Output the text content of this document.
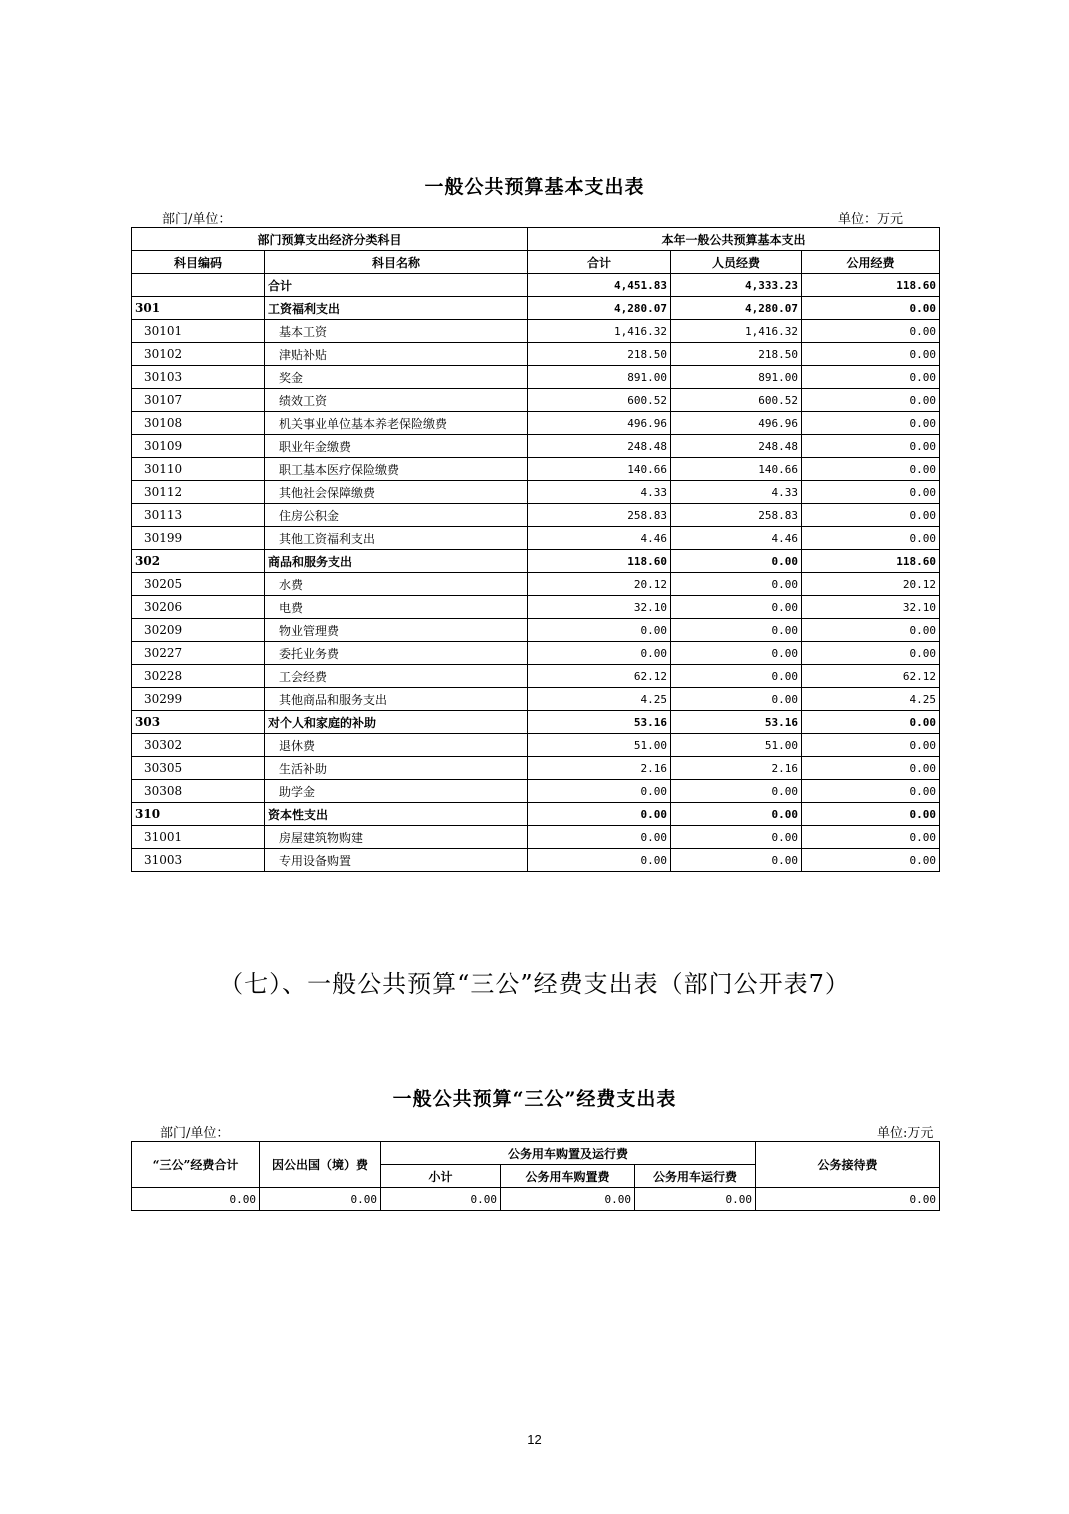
一般公共预算基本支出表
部门/单位：	单位：万元
部门预算支出经济分类科目		本年一般公共预算基本支出		
科目编码	科目名称	合计	人员经费	公用经费
	合计	4,451.83	4,333.23	118.60
301	工资福利支出	4,280.07	4,280.07	0.00
30101	基本工资	1,416.32	1,416.32	0.00
30102	津贴补贴	218.50	218.50	0.00
30103	奖金	891.00	891.00	0.00
30107	绩效工资	600.52	600.52	0.00
30108	机关事业单位基本养老保险缴费	496.96	496.96	0.00
30109	职业年金缴费	248.48	248.48	0.00
30110	职工基本医疗保险缴费	140.66	140.66	0.00
30112	其他社会保障缴费	4.33	4.33	0.00
30113	住房公积金	258.83	258.83	0.00
30199	其他工资福利支出	4.46	4.46	0.00
302	商品和服务支出	118.60	0.00	118.60
30205	水费	20.12	0.00	20.12
30206	电费	32.10	0.00	32.10
30209	物业管理费	0.00	0.00	0.00
30227	委托业务费	0.00	0.00	0.00
30228	工会经费	62.12	0.00	62.12
30299	其他商品和服务支出	4.25	0.00	4.25
303	对个人和家庭的补助	53.16	53.16	0.00
30302	退休费	51.00	51.00	0.00
30305	生活补助	2.16	2.16	0.00
30308	助学金	0.00	0.00	0.00
310	资本性支出	0.00	0.00	0.00
31001	房屋建筑物购建	0.00	0.00	0.00
31003	专用设备购置	0.00	0.00	0.00
（七）、一般公共预算“三公”经费支出表（部门公开表7）
一般公共预算“三公”经费支出表
部门/单位：	单位:万元
“三公”经费合计	因公出国（境）费	公务用车购置及运行费			公务接待费
		小计	公务用车购置费	公务用车运行费	
0.00	0.00	0.00	0.00	0.00	0.00
12
